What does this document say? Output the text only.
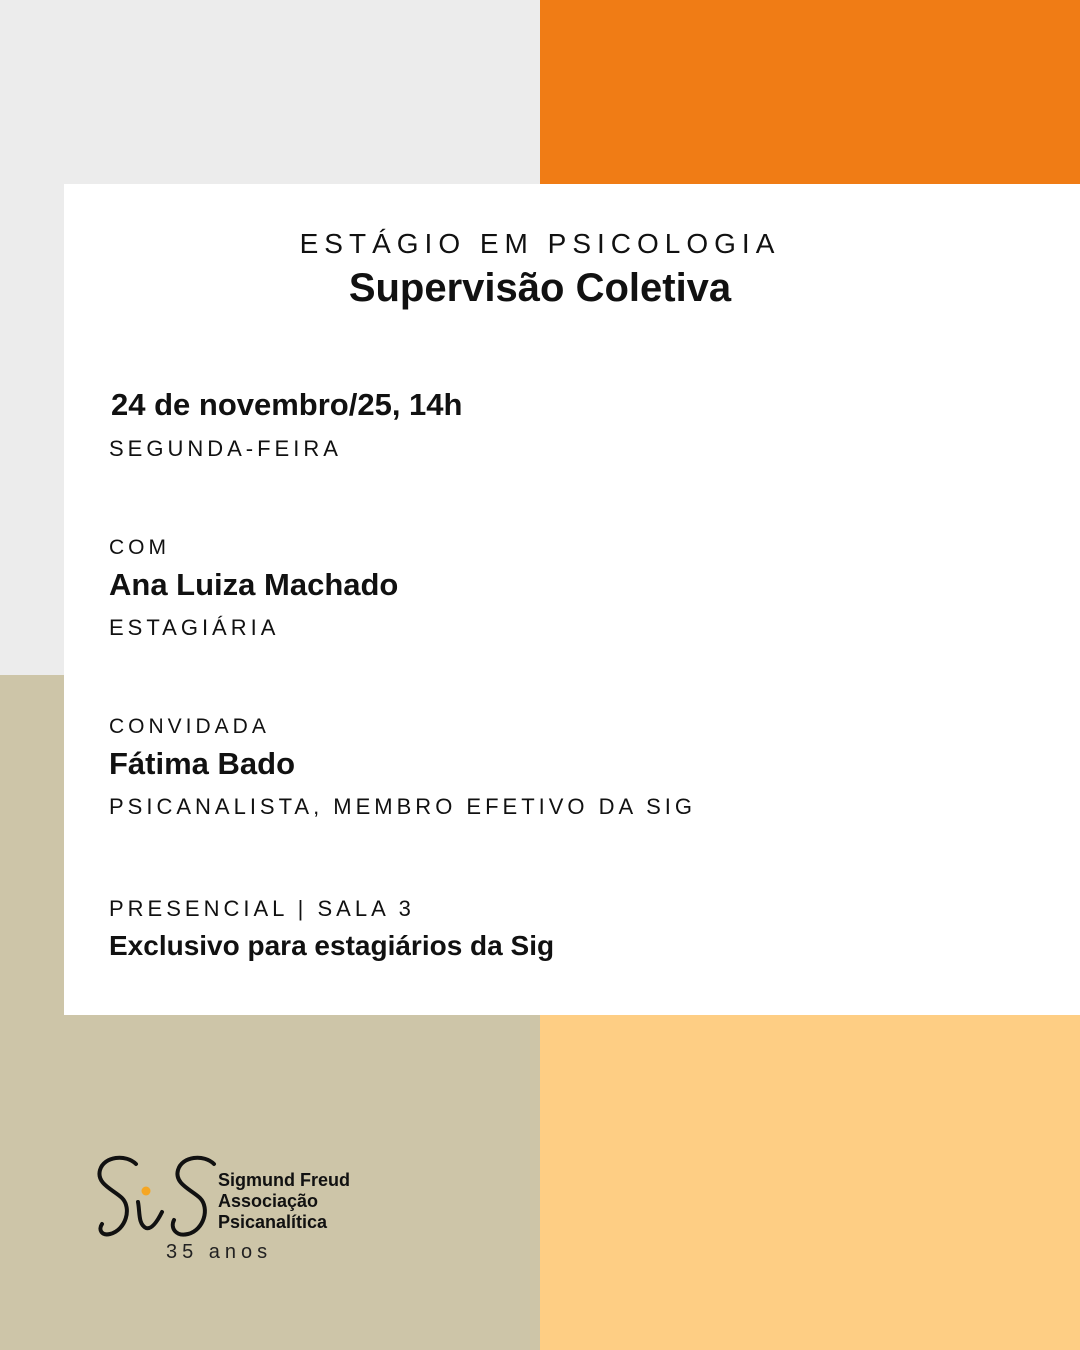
ESTÁGIO EM PSICOLOGIA

Supervisão Coletiva

24 de novembro/25, 14h

SEGUNDA-FEIRA

COM

Ana Luiza Machado

ESTAGIÁRIA

CONVIDADA

Fátima Bado

PSICANALISTA, MEMBRO EFETIVO DA SIG

PRESENCIAL | SALA 3

Exclusivo para estagiários da Sig

Sigmund Freud
Associação
Psicanalítica
35 anos
